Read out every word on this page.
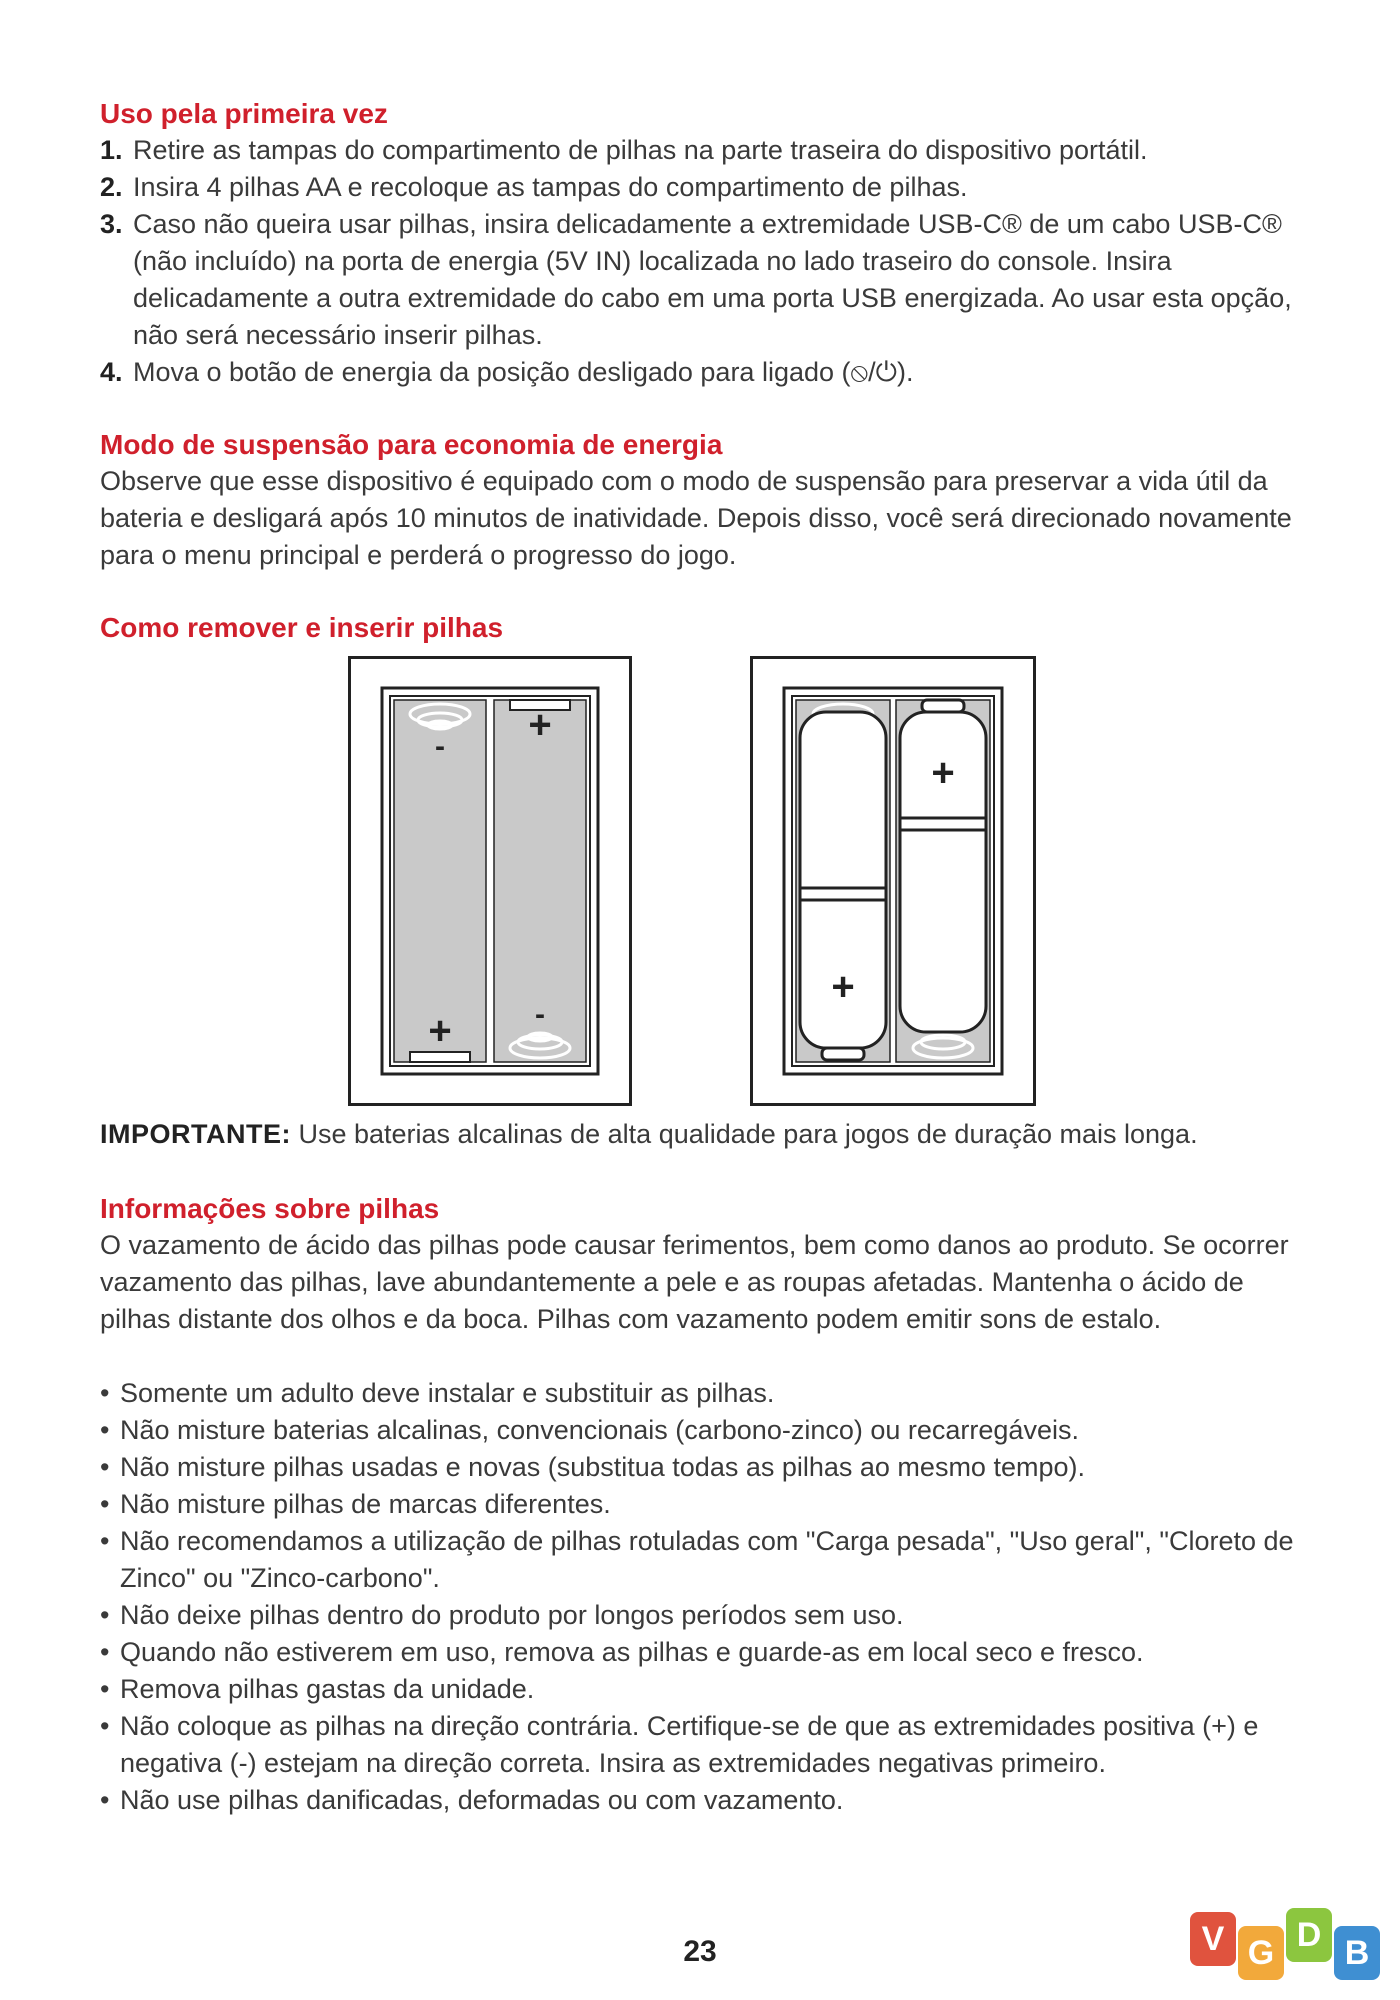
Uso pela primeira vez
1. Retire as tampas do compartimento de pilhas na parte traseira do dispositivo portátil.
2. Insira 4 pilhas AA e recoloque as tampas do compartimento de pilhas.
3. Caso não queira usar pilhas, insira delicadamente a extremidade USB-C® de um cabo USB-C® (não incluído) na porta de energia (5V IN) localizada no lado traseiro do console. Insira delicadamente a outra extremidade do cabo em uma porta USB energizada. Ao usar esta opção, não será necessário inserir pilhas.
4. Mova o botão de energia da posição desligado para ligado (⦸/⏻).
Modo de suspensão para economia de energia

Observe que esse dispositivo é equipado com o modo de suspensão para preservar a vida útil da bateria e desligará após 10 minutos de inatividade. Depois disso, você será direcionado novamente para o menu principal e perderá o progresso do jogo.

Como remover e inserir pilhas
- +
+	-
+
+

IMPORTANTE: Use baterias alcalinas de alta qualidade para jogos de duração mais longa.

Informações sobre pilhas

O vazamento de ácido das pilhas pode causar ferimentos, bem como danos ao produto. Se ocorrer vazamento das pilhas, lave abundantemente a pele e as roupas afetadas. Mantenha o ácido de pilhas distante dos olhos e da boca. Pilhas com vazamento podem emitir sons de estalo.

• Somente um adulto deve instalar e substituir as pilhas.
• Não misture baterias alcalinas, convencionais (carbono-zinco) ou recarregáveis.
• Não misture pilhas usadas e novas (substitua todas as pilhas ao mesmo tempo).
• Não misture pilhas de marcas diferentes.
• Não recomendamos a utilização de pilhas rotuladas com "Carga pesada", "Uso geral", "Cloreto de Zinco" ou "Zinco-carbono".
• Não deixe pilhas dentro do produto por longos períodos sem uso.
• Quando não estiverem em uso, remova as pilhas e guarde-as em local seco e fresco.
• Remova pilhas gastas da unidade.
• Não coloque as pilhas na direção contrária. Certifique-se de que as extremidades positiva (+) e negativa (-) estejam na direção correta. Insira as extremidades negativas primeiro.
• Não use pilhas danificadas, deformadas ou com vazamento.
23	V G D B
